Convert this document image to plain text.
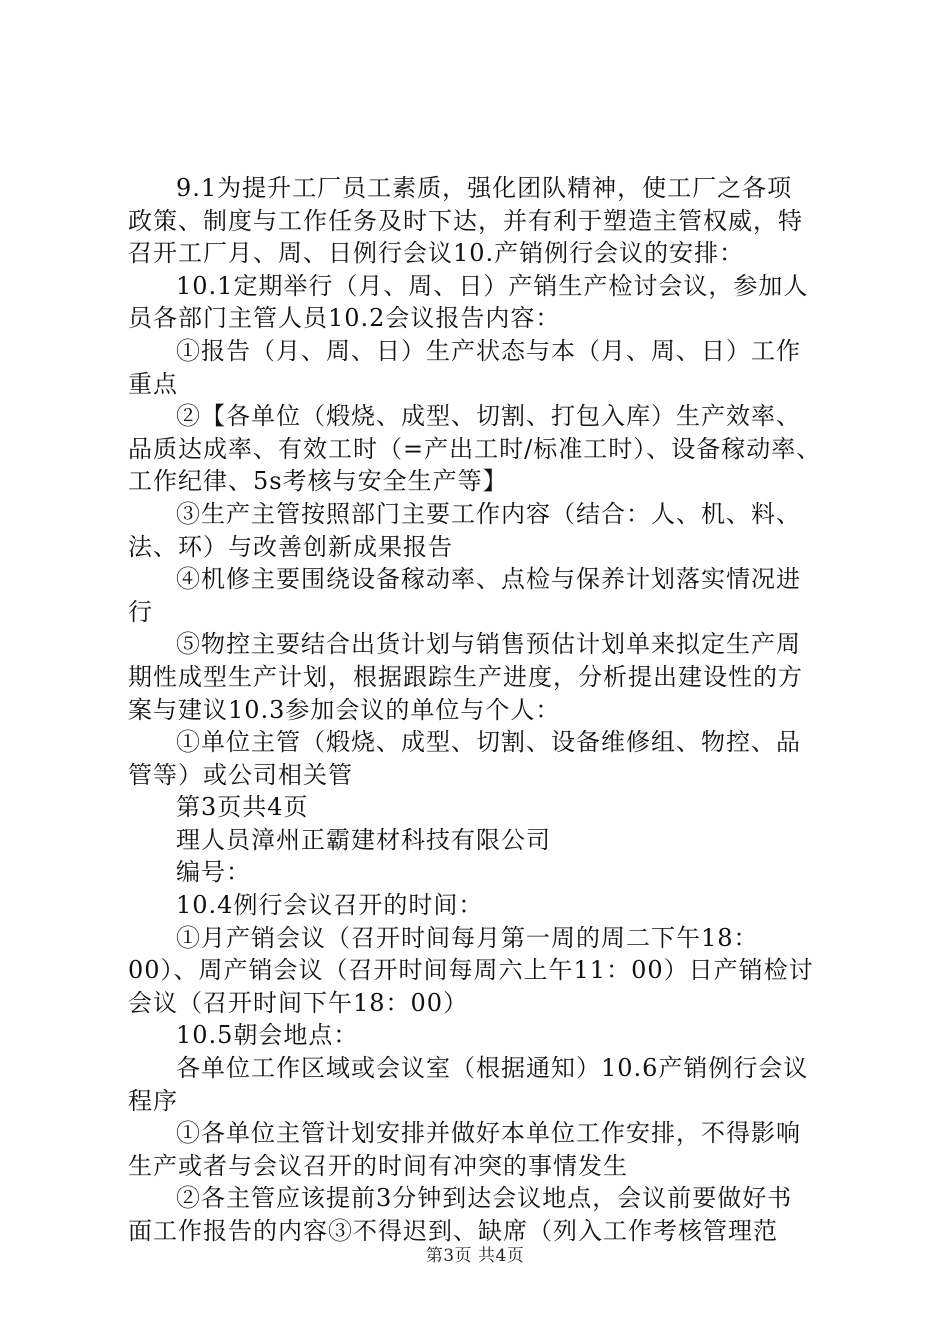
9.1为提升工厂员工素质，强化团队精神，使工厂之各项
政策、制度与工作任务及时下达，并有利于塑造主管权威，特
召开工厂月、周、日例行会议10.产销例行会议的安排：
10.1定期举行（月、周、日）产销生产检讨会议，参加人
员各部门主管人员10.2会议报告内容：
①报告（月、周、日）生产状态与本（月、周、日）工作
重点
②【各单位（煅烧、成型、切割、打包入库）生产效率、
品质达成率、有效工时（=产出工时/标准工时）、设备稼动率、
工作纪律、5s考核与安全生产等】
③生产主管按照部门主要工作内容（结合：人、机、料、
法、环）与改善创新成果报告
④机修主要围绕设备稼动率、点检与保养计划落实情况进
行
⑤物控主要结合出货计划与销售预估计划单来拟定生产周
期性成型生产计划，根据跟踪生产进度，分析提出建设性的方
案与建议10.3参加会议的单位与个人：
①单位主管（煅烧、成型、切割、设备维修组、物控、品
管等）或公司相关管
第3页共4页
理人员漳州正霸建材科技有限公司
编号：
10.4例行会议召开的时间：
①月产销会议（召开时间每月第一周的周二下午18：
00）、周产销会议（召开时间每周六上午11：00）日产销检讨
会议（召开时间下午18：00）
10.5朝会地点：
各单位工作区域或会议室（根据通知）10.6产销例行会议
程序
①各单位主管计划安排并做好本单位工作安排，不得影响
生产或者与会议召开的时间有冲突的事情发生
②各主管应该提前3分钟到达会议地点，会议前要做好书
面工作报告的内容③不得迟到、缺席（列入工作考核管理范
第3页 共4页
